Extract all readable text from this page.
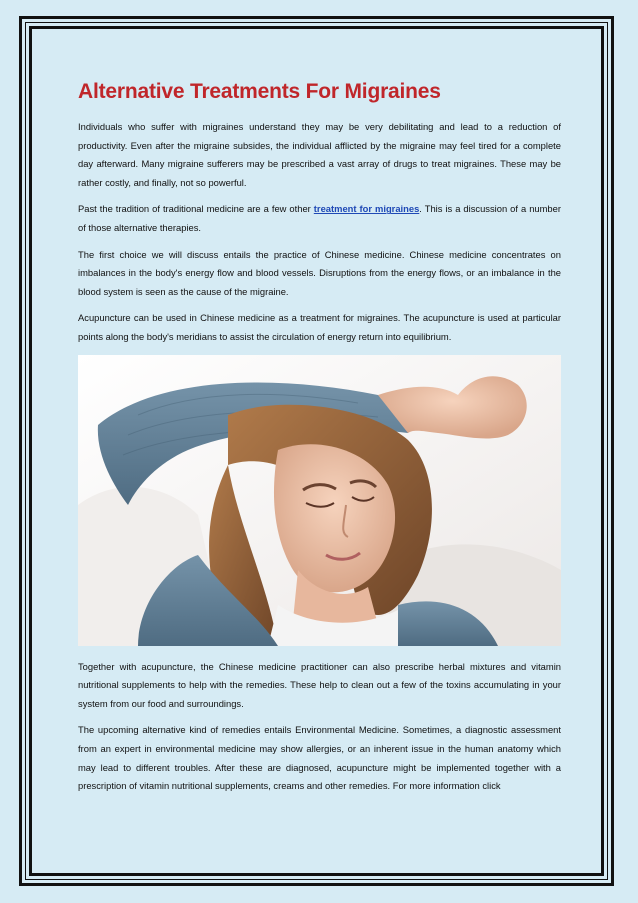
Alternative Treatments For Migraines

Individuals who suffer with migraines understand they may be very debilitating and lead to a reduction of productivity. Even after the migraine subsides, the individual afflicted by the migraine may feel tired for a complete day afterward. Many migraine sufferers may be prescribed a vast array of drugs to treat migraines. These may be rather costly, and finally, not so powerful.

Past the tradition of traditional medicine are a few other treatment for migraines. This is a discussion of a number of those alternative therapies.

The first choice we will discuss entails the practice of Chinese medicine. Chinese medicine concentrates on imbalances in the body's energy flow and blood vessels. Disruptions from the energy flows, or an imbalance in the blood system is seen as the cause of the migraine.

Acupuncture can be used in Chinese medicine as a treatment for migraines. The acupuncture is used at particular points along the body's meridians to assist the circulation of energy return into equilibrium.

Together with acupuncture, the Chinese medicine practitioner can also prescribe herbal mixtures and vitamin nutritional supplements to help with the remedies. These help to clean out a few of the toxins accumulating in your system from our food and surroundings.

The upcoming alternative kind of remedies entails Environmental Medicine. Sometimes, a diagnostic assessment from an expert in environmental medicine may show allergies, or an inherent issue in the human anatomy which may lead to different troubles. After these are diagnosed, acupuncture might be implemented together with a prescription of vitamin nutritional supplements, creams and other remedies. For more information click
